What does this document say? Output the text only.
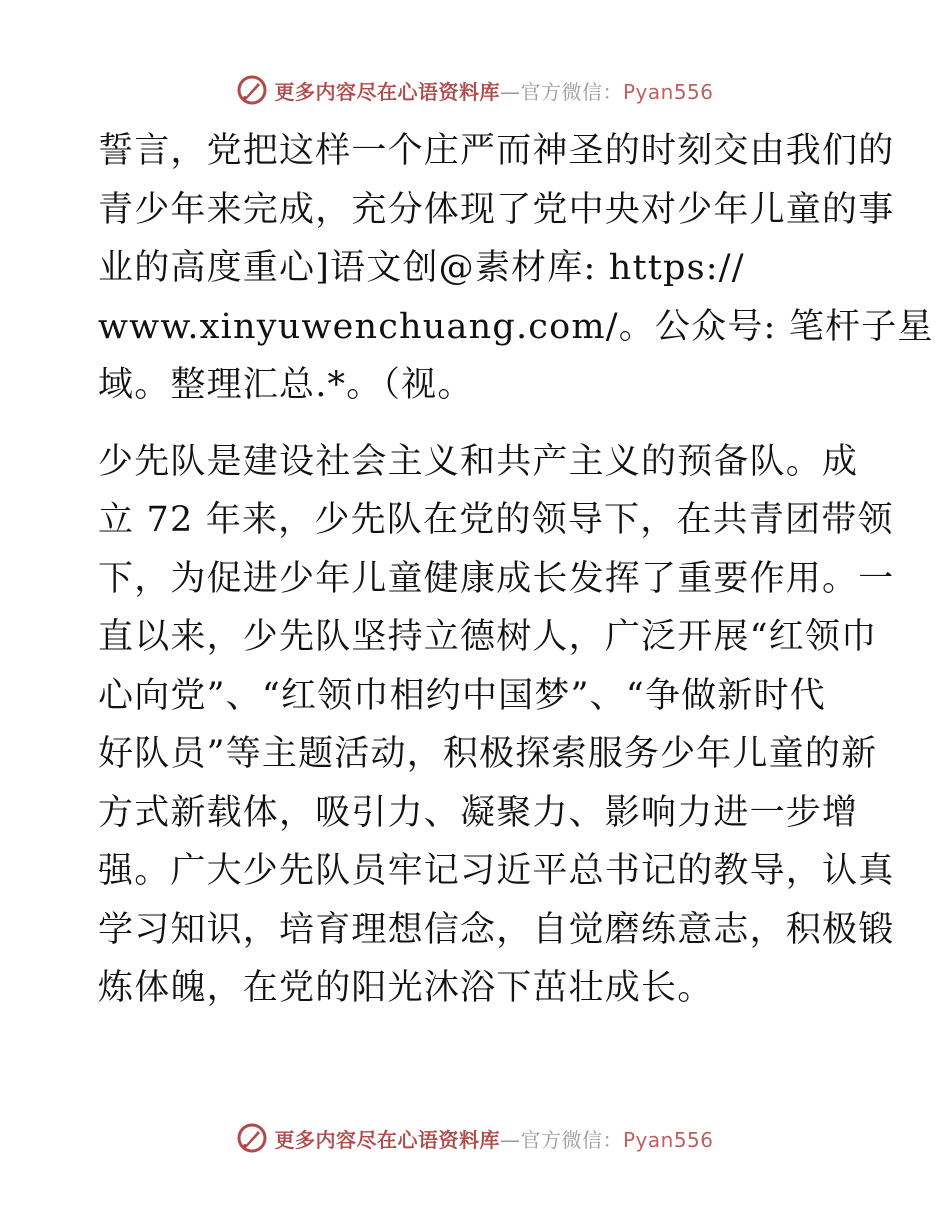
更多内容尽在心语资料库—官方微信：Pyan556

誓言，党把这样一个庄严而神圣的时刻交由我们的
青少年来完成，充分体现了党中央对少年儿童的事
业的高度重心]语文创@素材库: https://
www.xinyuwenchuang.com/。公众号: 笔杆子星
域。整理汇总.*。（视。

少先队是建设社会主义和共产主义的预备队。成
立 72 年来，少先队在党的领导下，在共青团带领
下，为促进少年儿童健康成长发挥了重要作用。一
直以来，少先队坚持立德树人，广泛开展“红领巾
心向党”、“红领巾相约中国梦”、“争做新时代
好队员”等主题活动，积极探索服务少年儿童的新
方式新载体，吸引力、凝聚力、影响力进一步增
强。广大少先队员牢记习近平总书记的教导，认真
学习知识，培育理想信念，自觉磨练意志，积极锻
炼体魄，在党的阳光沐浴下茁壮成长。

更多内容尽在心语资料库—官方微信：Pyan556
